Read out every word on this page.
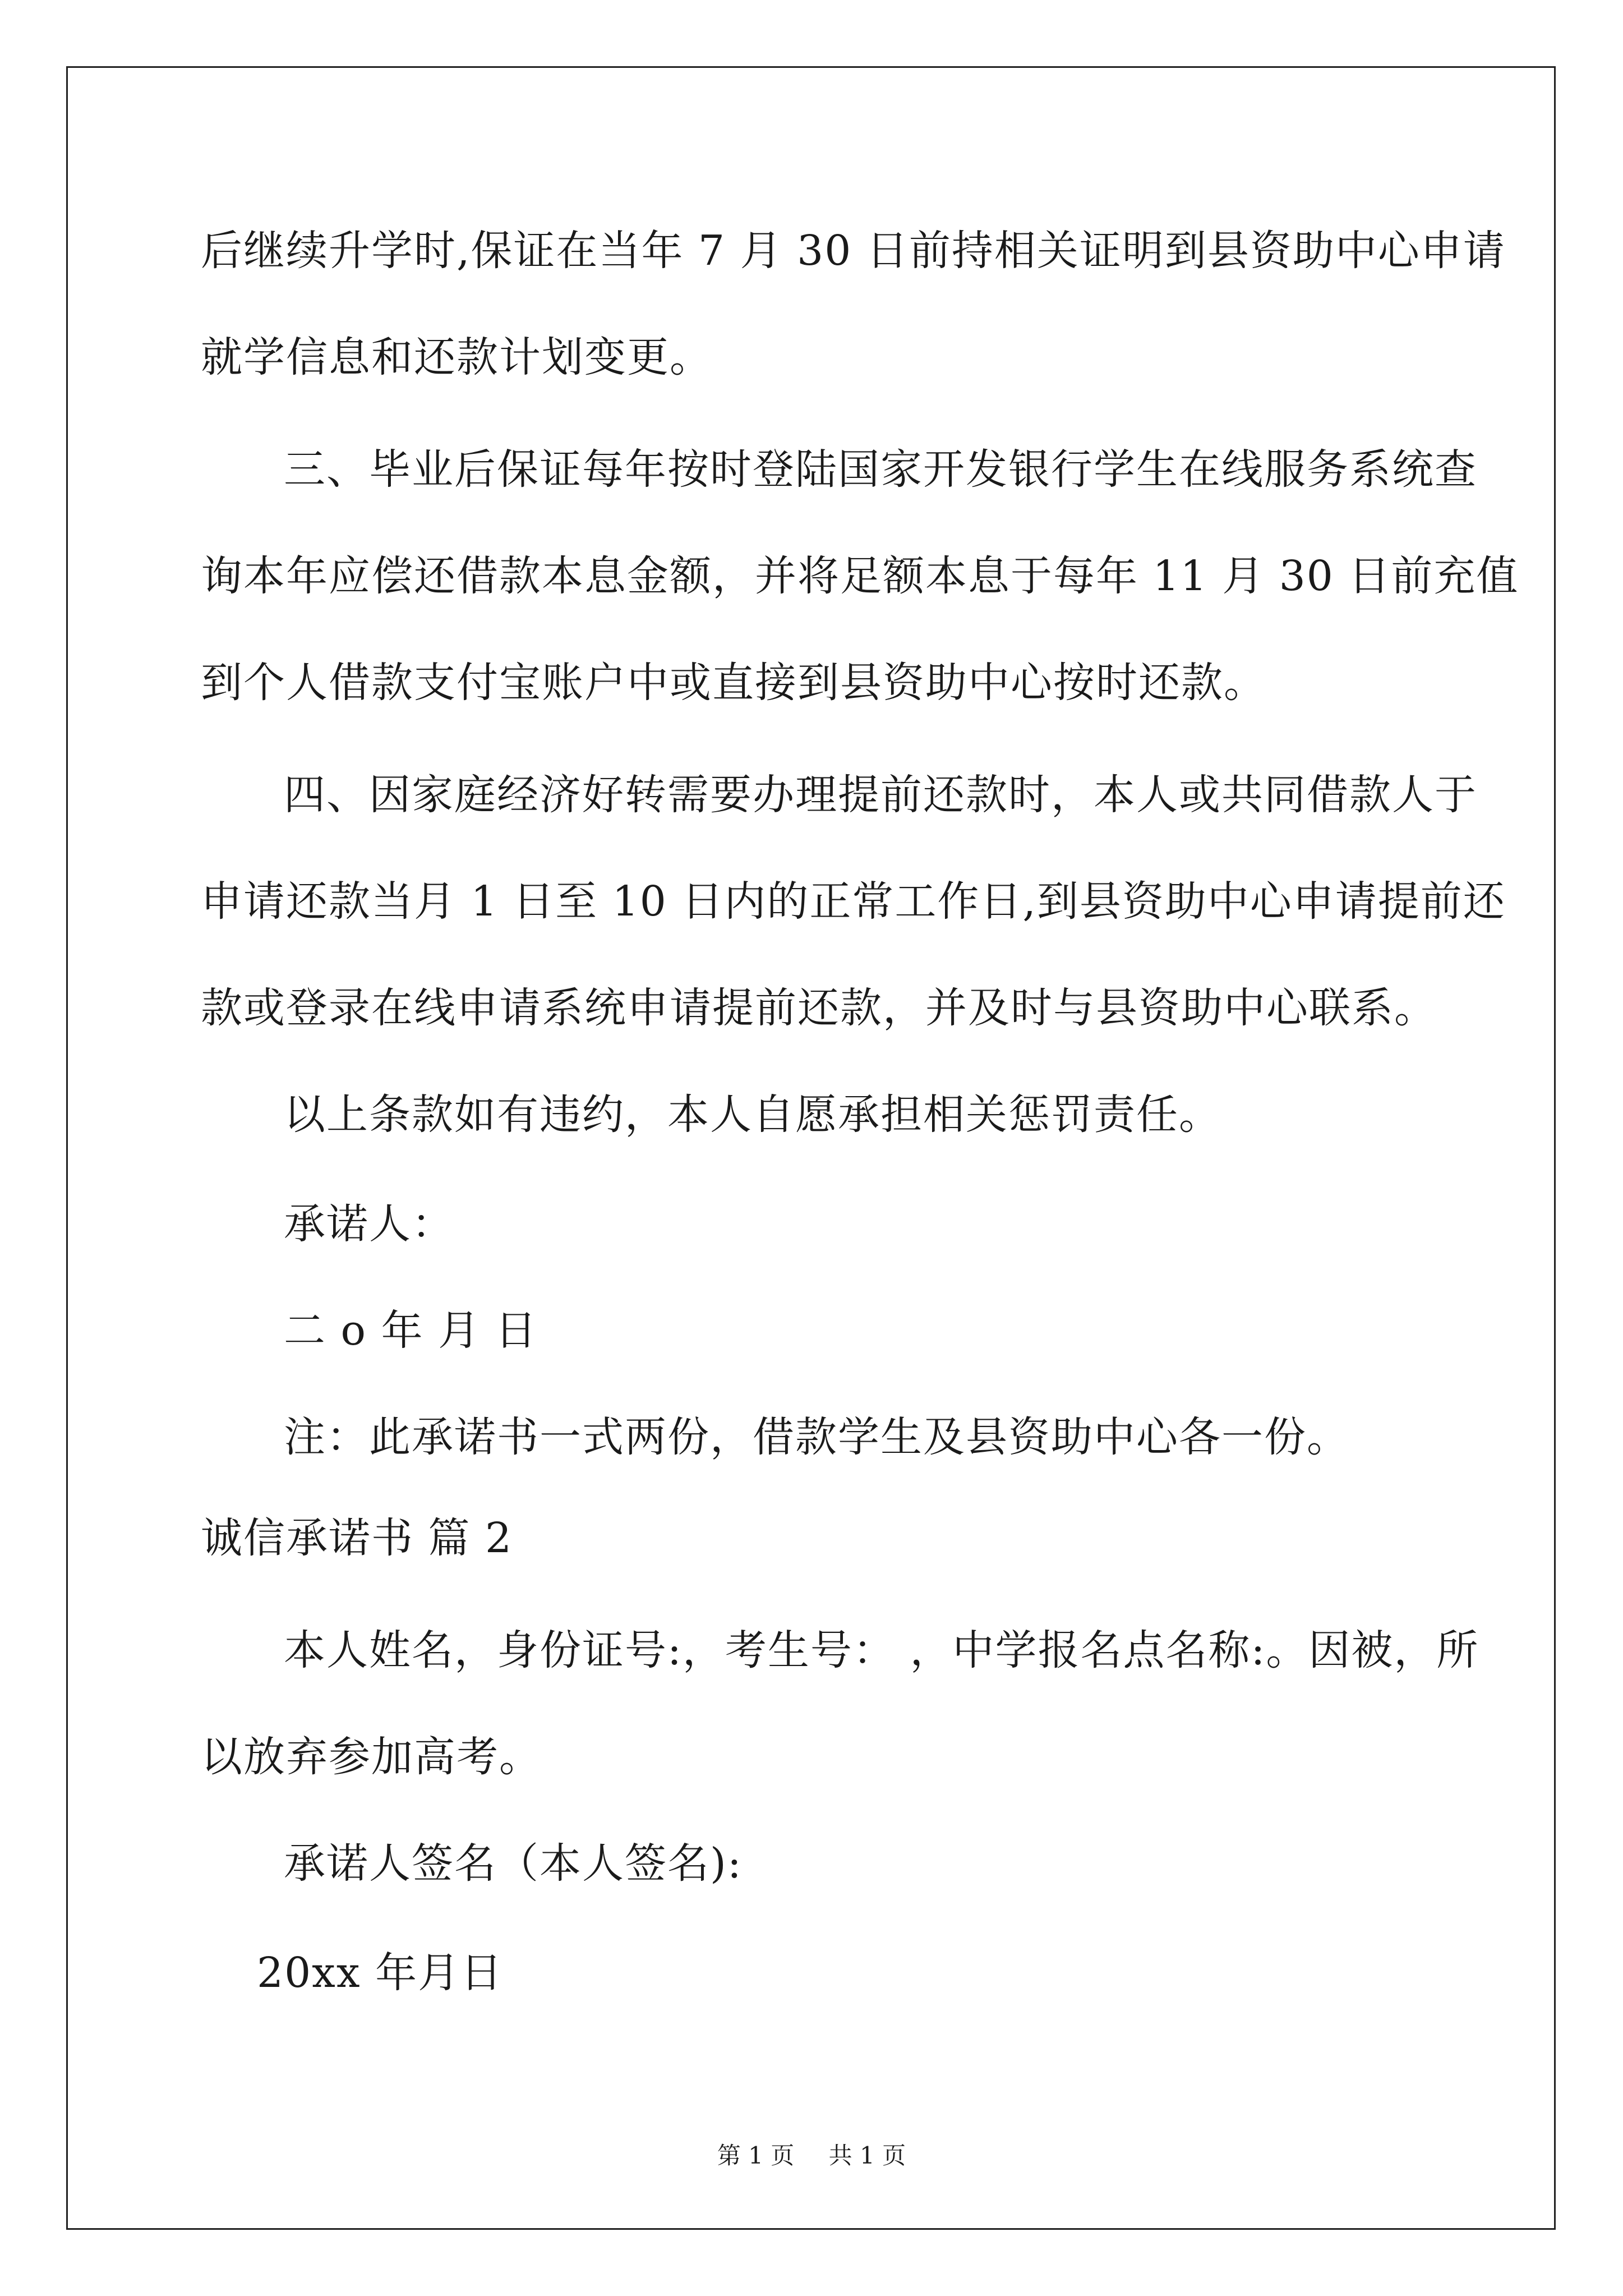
后继续升学时,保证在当年 7 月 30 日前持相关证明到县资助中心申请
就学信息和还款计划变更。
三、毕业后保证每年按时登陆国家开发银行学生在线服务系统查
询本年应偿还借款本息金额，并将足额本息于每年 11 月 30 日前充值
到个人借款支付宝账户中或直接到县资助中心按时还款。
四、因家庭经济好转需要办理提前还款时，本人或共同借款人于
申请还款当月 1 日至 10 日内的正常工作日,到县资助中心申请提前还
款或登录在线申请系统申请提前还款，并及时与县资助中心联系。
以上条款如有违约，本人自愿承担相关惩罚责任。
承诺人：
二 o 年 月 日
注：此承诺书一式两份，借款学生及县资助中心各一份。
诚信承诺书 篇 2
本人姓名，身份证号:，考生号： ，中学报名点名称:。因被，所
以放弃参加高考。
承诺人签名（本人签名):
20xx 年月日
第 1 页 共 1 页
